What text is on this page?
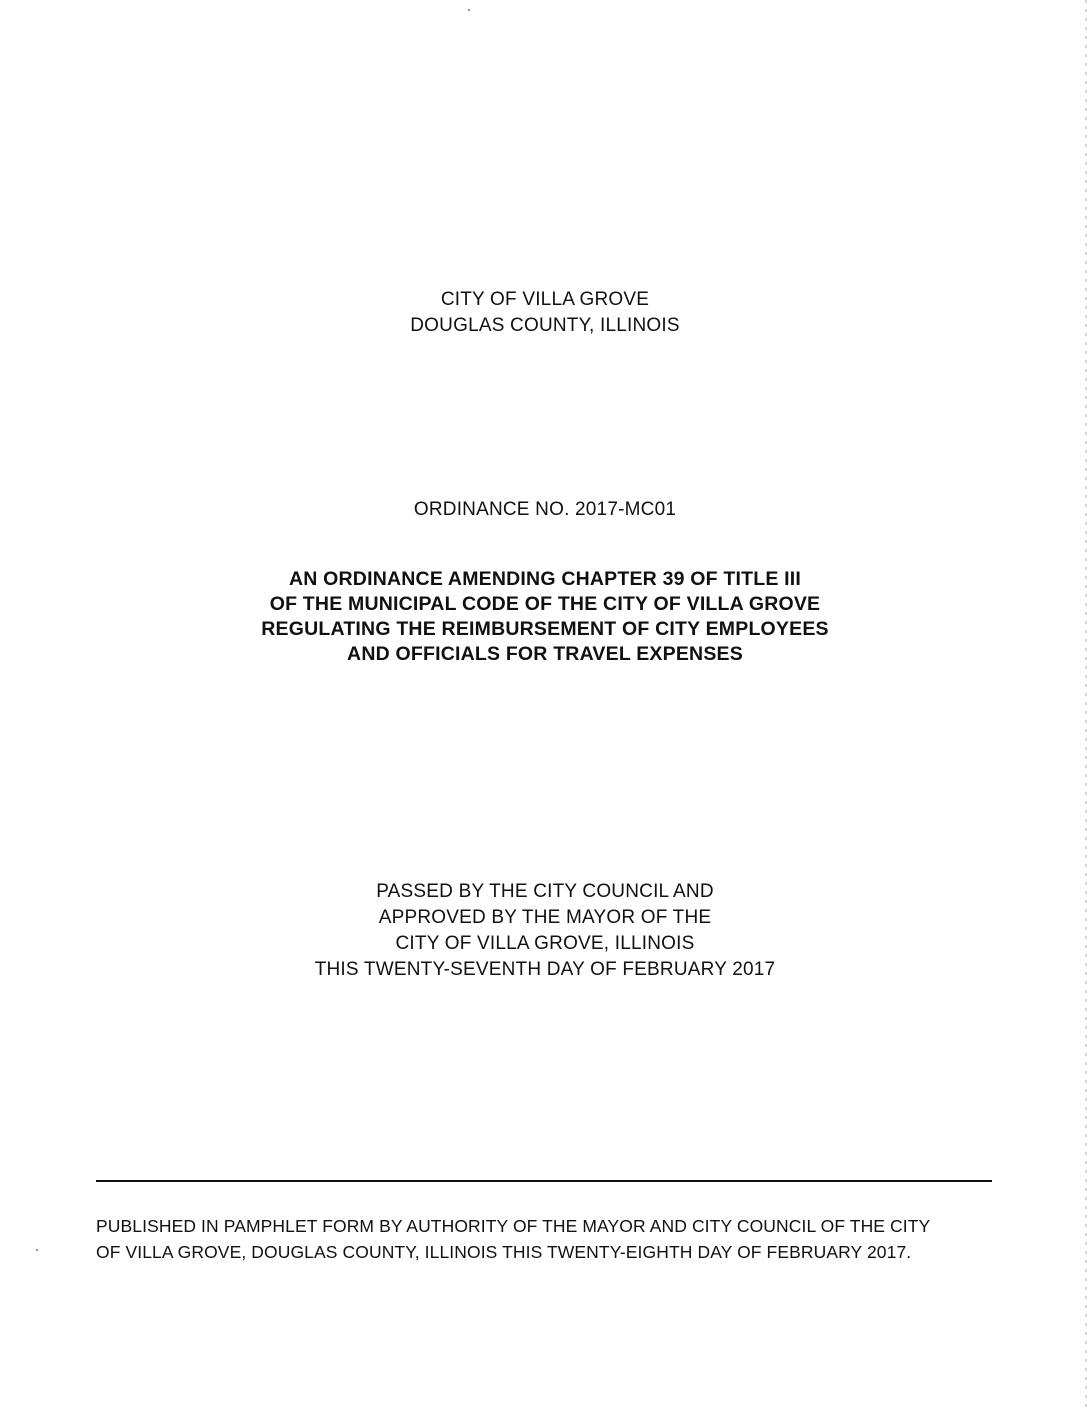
CITY OF VILLA GROVE
DOUGLAS COUNTY, ILLINOIS
ORDINANCE NO. 2017-MC01
AN ORDINANCE AMENDING CHAPTER 39 OF TITLE III
OF THE MUNICIPAL CODE OF THE CITY OF VILLA GROVE
REGULATING THE REIMBURSEMENT OF CITY EMPLOYEES
AND OFFICIALS FOR TRAVEL EXPENSES
PASSED BY THE CITY COUNCIL AND
APPROVED BY THE MAYOR OF THE
CITY OF VILLA GROVE, ILLINOIS
THIS TWENTY-SEVENTH DAY OF FEBRUARY 2017
PUBLISHED IN PAMPHLET FORM BY AUTHORITY OF THE MAYOR AND CITY COUNCIL OF THE CITY
OF VILLA GROVE, DOUGLAS COUNTY, ILLINOIS THIS TWENTY-EIGHTH DAY OF FEBRUARY 2017.
